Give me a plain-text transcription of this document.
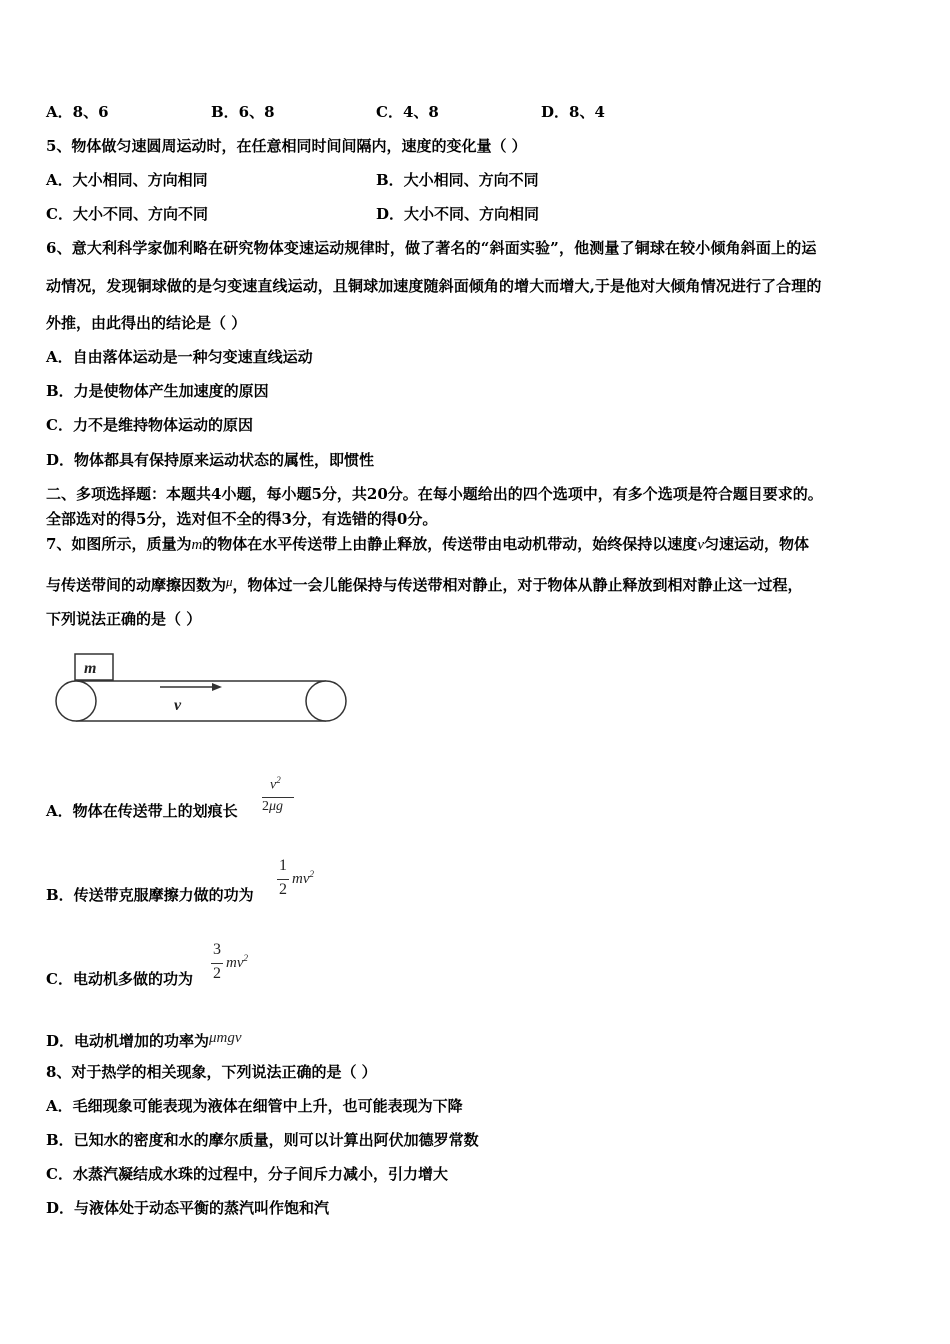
A．8、6	B．6、8	C．4、8	D．8、4
5、物体做匀速圆周运动时，在任意相同时间间隔内，速度的变化量（ ）
A．大小相同、方向相同	B．大小相同、方向不同
C．大小不同、方向不同	D．大小不同、方向相同
6、意大利科学家伽利略在研究物体变速运动规律时，做了著名的“斜面实验”，他测量了铜球在较小倾角斜面上的运
动情况，发现铜球做的是匀变速直线运动，且铜球加速度随斜面倾角的增大而增大,于是他对大倾角情况进行了合理的
外推，由此得出的结论是（ ）
A．自由落体运动是一种匀变速直线运动
B．力是使物体产生加速度的原因
C．力不是维持物体运动的原因
D．物体都具有保持原来运动状态的属性，即惯性
二、多项选择题：本题共4小题，每小题5分，共20分。在每小题给出的四个选项中，有多个选项是符合题目要求的。
全部选对的得5分，选对但不全的得3分，有选错的得0分。
7、如图所示，质量为m的物体在水平传送带上由静止释放，传送带由电动机带动，始终保持以速度v匀速运动，物体
与传送带间的动摩擦因数为μ，物体过一会儿能保持与传送带相对静止，对于物体从静止释放到相对静止这一过程，
下列说法正确的是（ ）
m
v
A．物体在传送带上的划痕长
$v^2$
2μg
B．传送带克服摩擦力做的功为
1
2
$mv^2$
C．电动机多做的功为
3
2
$mv^2$
D．电动机增加的功率为μmgv
8、对于热学的相关现象，下列说法正确的是（ ）
A．毛细现象可能表现为液体在细管中上升，也可能表现为下降
B．已知水的密度和水的摩尔质量，则可以计算出阿伏加德罗常数
C．水蒸汽凝结成水珠的过程中，分子间斥力减小，引力增大
D．与液体处于动态平衡的蒸汽叫作饱和汽
